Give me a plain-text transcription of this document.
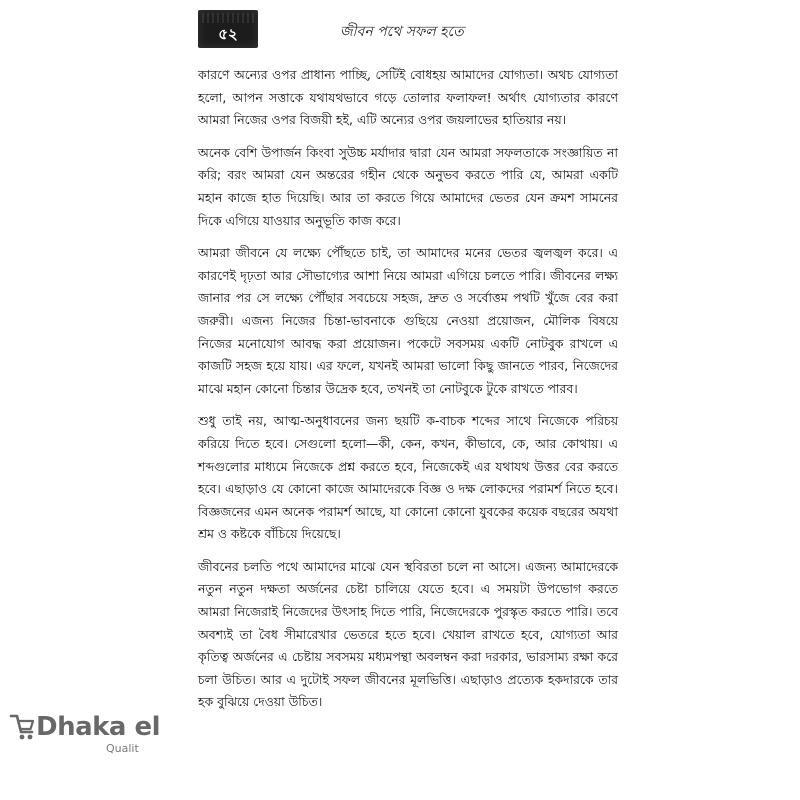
৫২	জীবন পথে সফল হতে

কারণে অন্যের ওপর প্রাধান্য পাচ্ছি, সেটিই বোধহয় আমাদের যোগ্যতা। অথচ যোগ্যতা হলো, আপন সত্তাকে যথাযথভাবে গড়ে তোলার ফলাফল! অর্থাৎ যোগ্যতার কারণে আমরা নিজের ওপর বিজয়ী হই, এটি অন্যের ওপর জয়লাভের হাতিয়ার নয়।

অনেক বেশি উপার্জন কিংবা সুউচ্চ মর্যাদার দ্বারা যেন আমরা সফলতাকে সংজ্ঞায়িত না করি; বরং আমরা যেন অন্তরের গহীন থেকে অনুভব করতে পারি যে, আমরা একটি মহান কাজে হাত দিয়েছি। আর তা করতে গিয়ে আমাদের ভেতর যেন ক্রমশ সামনের দিকে এগিয়ে যাওয়ার অনুভূতি কাজ করে।

আমরা জীবনে যে লক্ষ্যে পৌঁছতে চাই, তা আমাদের মনের ভেতর জ্বলজ্বল করে। এ কারণেই দৃঢ়তা আর সৌভাগ্যের আশা নিয়ে আমরা এগিয়ে চলতে পারি। জীবনের লক্ষ্য জানার পর সে লক্ষ্যে পৌঁছার সবচেয়ে সহজ, দ্রুত ও সর্বোত্তম পথটি খুঁজে বের করা জরুরী। এজন্য নিজের চিন্তা-ভাবনাকে গুছিয়ে নেওয়া প্রয়োজন, মৌলিক বিষয়ে নিজের মনোযোগ আবদ্ধ করা প্রয়োজন। পকেটে সবসময় একটি নোটবুক রাখলে এ কাজটি সহজ হয়ে যায়। এর ফলে, যখনই আমরা ভালো কিছু জানতে পারব, নিজেদের মাঝে মহান কোনো চিন্তার উদ্রেক হবে, তখনই তা নোটবুকে টুকে রাখতে পারব।

শুধু তাই নয়, আত্ম-অনুধাবনের জন্য ছয়টি ক-বাচক শব্দের সাথে নিজেকে পরিচয় করিয়ে দিতে হবে। সেগুলো হলো—কী, কেন, কখন, কীভাবে, কে, আর কোথায়। এ শব্দগুলোর মাধ্যমে নিজেকে প্রশ্ন করতে হবে, নিজেকেই এর যথাযথ উত্তর বের করতে হবে। এছাড়াও যে কোনো কাজে আমাদেরকে বিজ্ঞ ও দক্ষ লোকদের পরামর্শ নিতে হবে। বিজ্ঞজনের এমন অনেক পরামর্শ আছে, যা কোনো কোনো যুবকের কয়েক বছরের অযথা শ্রম ও কষ্টকে বাঁচিয়ে দিয়েছে।

জীবনের চলতি পথে আমাদের মাঝে যেন স্থবিরতা চলে না আসে। এজন্য আমাদেরকে নতুন নতুন দক্ষতা অর্জনের চেষ্টা চালিয়ে যেতে হবে। এ সময়টা উপভোগ করতে আমরা নিজেরাই নিজেদের উৎসাহ দিতে পারি, নিজেদেরকে পুরস্কৃত করতে পারি। তবে অবশ্যই তা বৈধ সীমারেখার ভেতরে হতে হবে। খেয়াল রাখতে হবে, যোগ্যতা আর কৃতিত্ব অর্জনের এ চেষ্টায় সবসময় মধ্যমপন্থা অবলম্বন করা দরকার, ভারসাম্য রক্ষা করে চলা উচিত। আর এ দুটোই সফল জীবনের মূলভিত্তি। এছাড়াও প্রত্যেক হকদারকে তার হক বুঝিয়ে দেওয়া উচিত।

Dhaka el
Qualit
